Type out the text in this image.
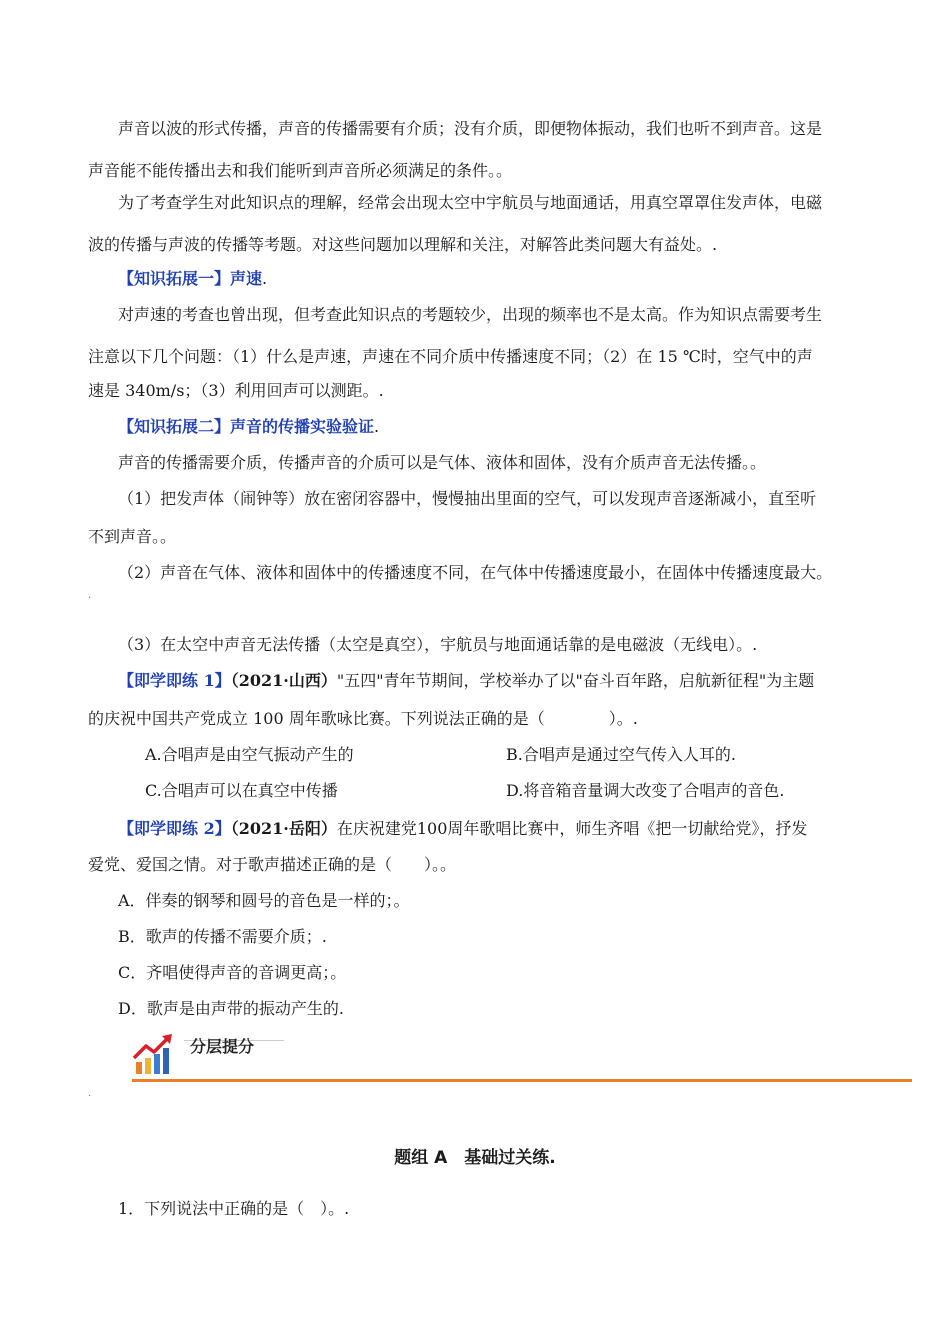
声音以波的形式传播，声音的传播需要有介质；没有介质，即便物体振动，我们也听不到声音。这是
声音能不能传播出去和我们能听到声音所必须满足的条件。。
为了考查学生对此知识点的理解，经常会出现太空中宇航员与地面通话，用真空罩罩住发声体，电磁
波的传播与声波的传播等考题。对这些问题加以理解和关注，对解答此类问题大有益处。.
【知识拓展一】声速.
对声速的考查也曾出现，但考查此知识点的考题较少，出现的频率也不是太高。作为知识点需要考生
注意以下几个问题：（1）什么是声速，声速在不同介质中传播速度不同；（2）在 15 ℃时，空气中的声
速是 340m/s；（3）利用回声可以测距。.
【知识拓展二】声音的传播实验验证.
声音的传播需要介质，传播声音的介质可以是气体、液体和固体，没有介质声音无法传播。。
（1）把发声体（闹钟等）放在密闭容器中，慢慢抽出里面的空气，可以发现声音逐渐减小，直至听
不到声音。。
（2）声音在气体、液体和固体中的传播速度不同，在气体中传播速度最小，在固体中传播速度最大。
.
（3）在太空中声音无法传播（太空是真空），宇航员与地面通话靠的是电磁波（无线电）。.
【即学即练 1】（2021·山西）"五四"青年节期间，学校举办了以"奋斗百年路，启航新征程"为主题
的庆祝中国共产党成立 100 周年歌咏比赛。下列说法正确的是（　　　　）。.
A.合唱声是由空气振动产生的	B.合唱声是通过空气传入人耳的.
C.合唱声可以在真空中传播	D.将音箱音量调大改变了合唱声的音色.
【即学即练 2】（2021·岳阳）在庆祝建党100周年歌唱比赛中，师生齐唱《把一切献给党》，抒发
爱党、爱国之情。对于歌声描述正确的是（　　）。。
A．伴奏的钢琴和圆号的音色是一样的；。
B．歌声的传播不需要介质；.
C．齐唱使得声音的音调更高；。
D．歌声是由声带的振动产生的.
分层提分
.
题组 A　基础过关练.
1．下列说法中正确的是（　）。.
